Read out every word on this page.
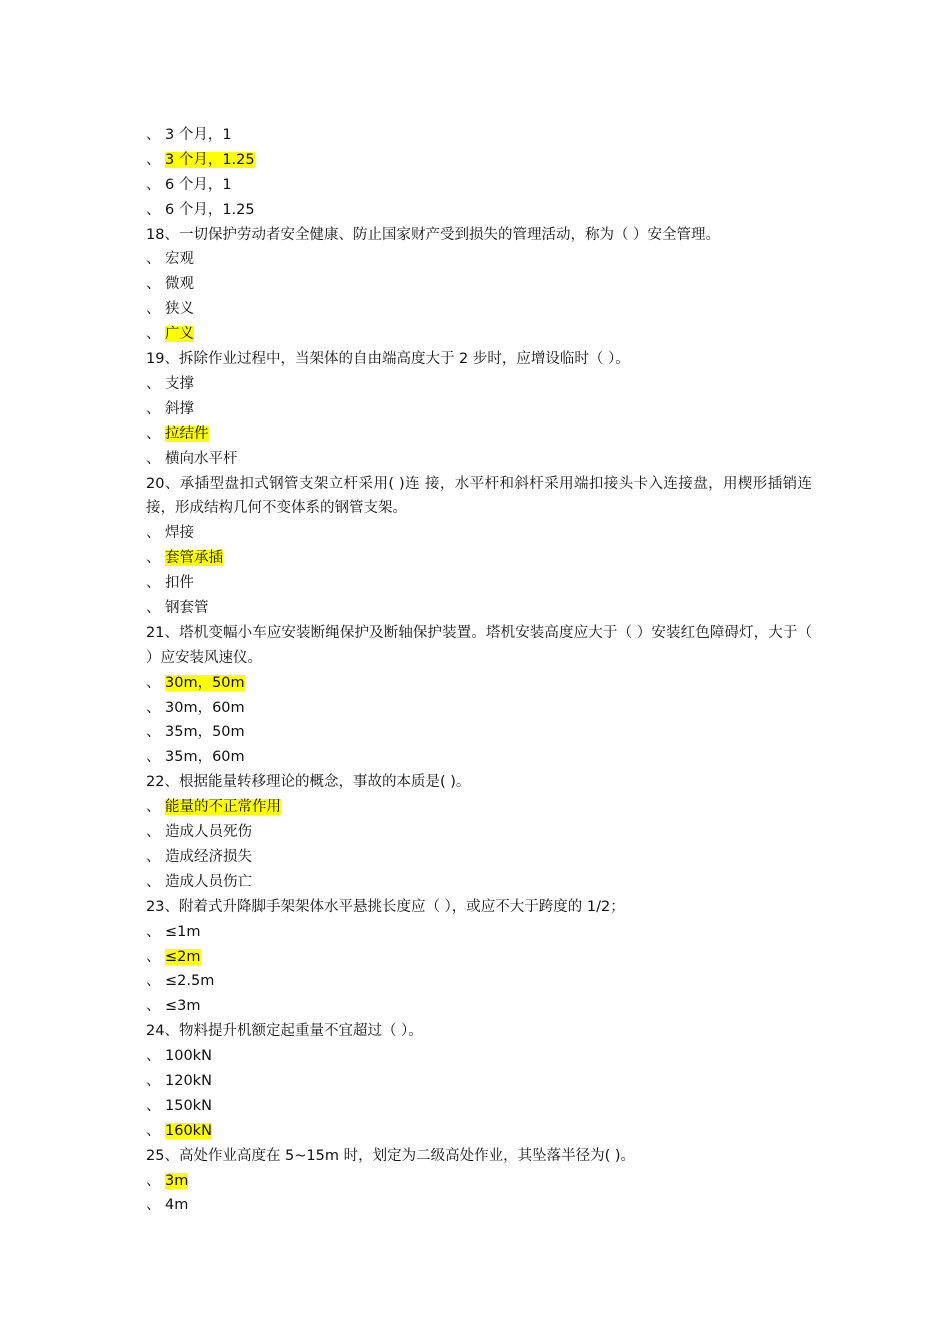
、 3 个月，1
、 3 个月，1.25
、 6 个月，1
、 6 个月，1.25
18、一切保护劳动者安全健康、防止国家财产受到损失的管理活动，称为（ ）安全管理。
、 宏观
、 微观
、 狭义
、 广义
19、拆除作业过程中，当架体的自由端高度大于 2 步时，应增设临时（ ）。
、 支撑
、 斜撑
、 拉结件
、 横向水平杆
20、承插型盘扣式钢管支架立杆采用( )连 接，水平杆和斜杆采用端扣接头卡入连接盘，用楔形插销连接，形成结构几何不变体系的钢管支架。
、 焊接
、 套管承插
、 扣件
、 钢套管
21、塔机变幅小车应安装断绳保护及断轴保护装置。塔机安装高度应大于（ ）安装红色障碍灯，大于（ ）应安装风速仪。
、 30m，50m
、 30m，60m
、 35m，50m
、 35m，60m
22、根据能量转移理论的概念，事故的本质是( )。
、 能量的不正常作用
、 造成人员死伤
、 造成经济损失
、 造成人员伤亡
23、附着式升降脚手架架体水平悬挑长度应（ ），或应不大于跨度的 1/2；
、 ≤1m
、 ≤2m
、 ≤2.5m
、 ≤3m
24、物料提升机额定起重量不宜超过（ ）。
、 100kN
、 120kN
、 150kN
、 160kN
25、高处作业高度在 5~15m 时，划定为二级高处作业，其坠落半径为( )。
、 3m
、 4m
